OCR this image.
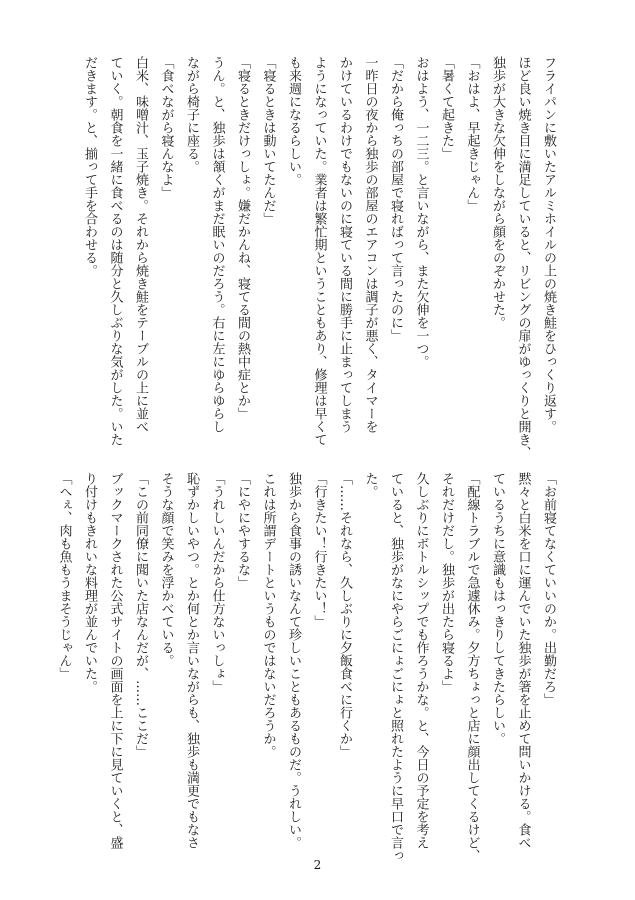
フライパンに敷いたアルミホイルの上の焼き鮭をひっくり返す。
ほど良い焼き目に満足していると、リビングの扉がゆっくりと開き、
独歩が大きな欠伸をしながら顔をのぞかせた。
「おはよ、早起きじゃん」
「暑くて起きた」
おはよう、一二三。と言いながら、また欠伸を一つ。
「だから俺っちの部屋で寝ればって言ったのに」
一昨日の夜から独歩の部屋のエアコンは調子が悪く、タイマーを
かけているわけでもないのに寝ている間に勝手に止まってしまう
ようになっていた。業者は繁忙期ということもあり、修理は早くて
も来週になるらしい。
「寝るときは動いてたんだ」
「寝るときだけっしょ。嫌だかんね、寝てる間の熱中症とか」
うん。と、独歩は頷くがまだ眠いのだろう。右に左にゆらゆらし
ながら椅子に座る。
「食べながら寝んなよ」
白米、味噌汁、玉子焼き。それから焼き鮭をテーブルの上に並べ
ていく。朝食を一緒に食べるのは随分と久しぶりな気がした。いた
だきます。と、揃って手を合わせる。
「お前寝てなくていいのか。出勤だろ」
黙々と白米を口に運んでいた独歩が箸を止めて問いかける。食べ
ているうちに意識もはっきりしてきたらしい。
「配線トラブルで急遽休み。夕方ちょっと店に顔出してくるけど、
それだけだし。独歩が出たら寝るよ」
久しぶりにボトルシップでも作ろうかな。と、今日の予定を考え
ていると、独歩がなにやらごにょごにょと照れたように早口で言っ
た。
「……それなら、久しぶりに夕飯食べに行くか」
「行きたい！行きたい！」
独歩から食事の誘いなんて珍しいこともあるものだ。うれしい。
これは所謂デートというものではないだろうか。
「にやにやするな」
「うれしいんだから仕方ないっしょ」
恥ずかしいやつ。とか何とか言いながらも、独歩も満更でもなさ
そうな顔で笑みを浮かべている。
「この前同僚に聞いた店なんだが、……ここだ」
ブックマークされた公式サイトの画面を上に下に見ていくと、盛
り付けもきれいな料理が並んでいた。
「へぇ、肉も魚もうまそうじゃん」
2
